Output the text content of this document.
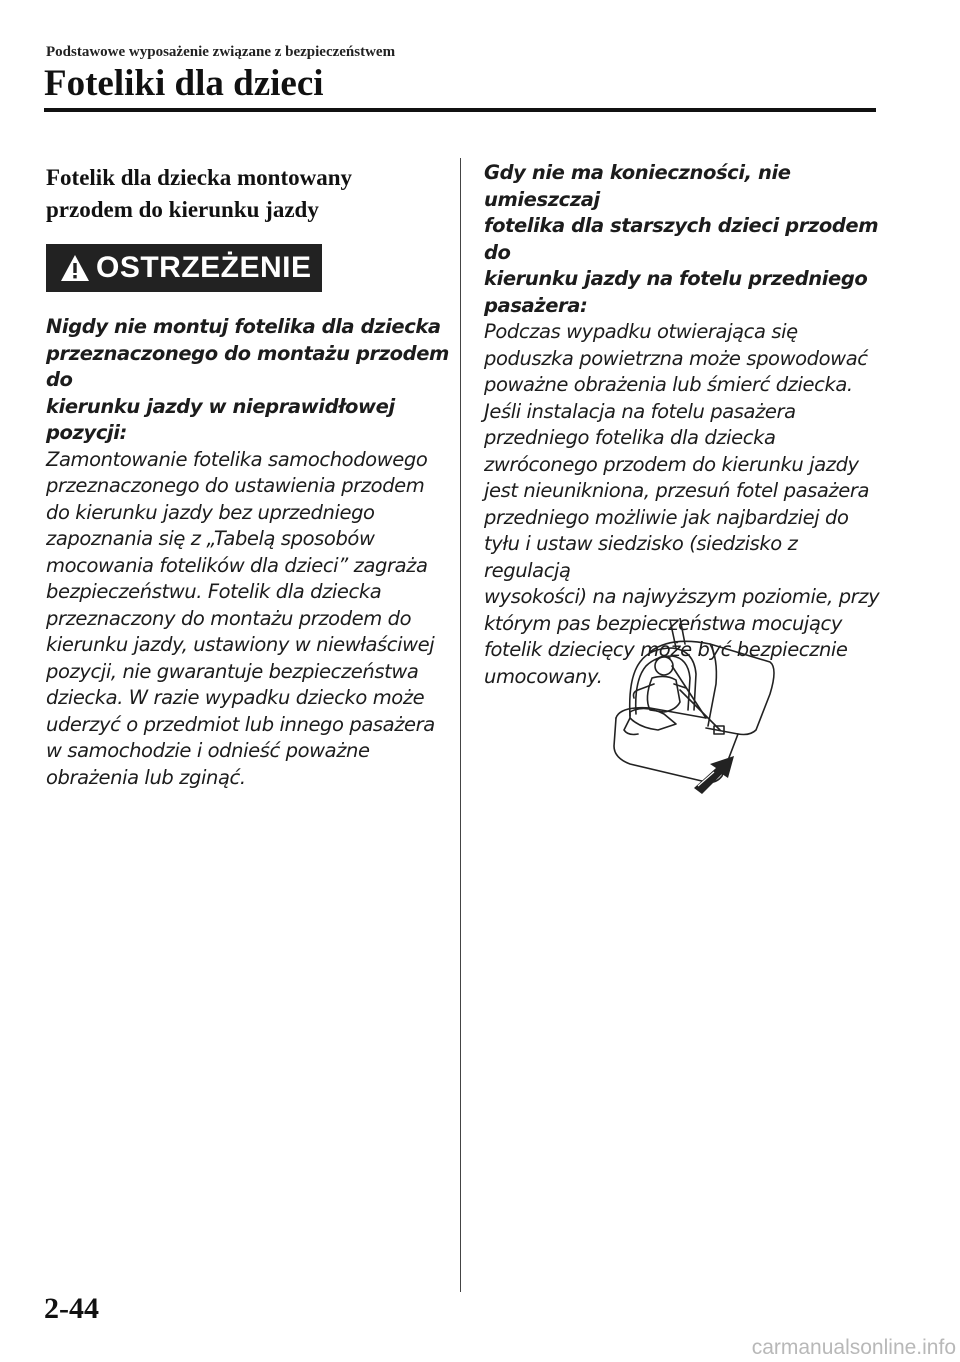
Podstawowe wyposażenie związane z bezpieczeństwem
Foteliki dla dzieci
Fotelik dla dziecka montowany
przodem do kierunku jazdy
OSTRZEŻENIE

Nigdy nie montuj fotelika dla dziecka
przeznaczonego do montażu przodem do
kierunku jazdy w nieprawidłowej pozycji:

Zamontowanie fotelika samochodowego
przeznaczonego do ustawienia przodem
do kierunku jazdy bez uprzedniego
zapoznania się z „Tabelą sposobów
mocowania fotelików dla dzieci” zagraża
bezpieczeństwu. Fotelik dla dziecka
przeznaczony do montażu przodem do
kierunku jazdy, ustawiony w niewłaściwej
pozycji, nie gwarantuje bezpieczeństwa
dziecka. W razie wypadku dziecko może
uderzyć o przedmiot lub innego pasażera
w samochodzie i odnieść poważne
obrażenia lub zginąć.

Gdy nie ma konieczności, nie umieszczaj
fotelika dla starszych dzieci przodem do
kierunku jazdy na fotelu przednieg​o
pasażera:

Podczas wypadku otwierająca się
poduszka powietrzna może spowodować
poważne obrażenia lub śmierć dziecka.
Jeśli instalacja na fotelu pasażera
przedniego fotelika dla dziecka
zwróconego przodem do kierunku jazdy
jest nieunikniona, przesuń fotel pasażera
przedniego możliwie jak najbardziej do
tyłu i ustaw siedzisko (siedzisko z regulacją
wysokości) na najwyższym poziomie, przy
którym pas bezpieczeństwa mocujący
fotelik dziecięcy może być bezpiecznie
umocowany.

2-44
carmanualsonline.info
